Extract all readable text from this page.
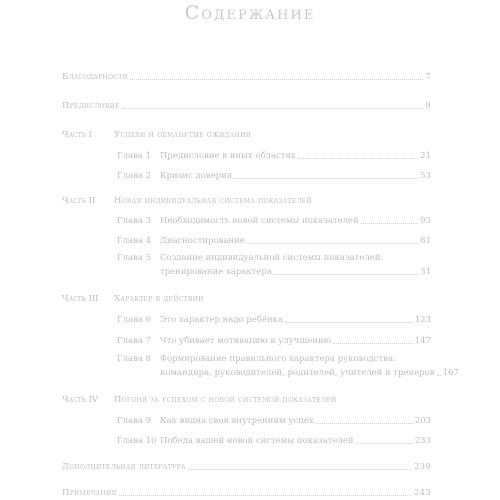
Содержание
Благодарности	7
Предисловие	9
Часть I	Успехи и обманутые ожидания
Глава 1 Предисловие в иных областях	21
Глава 2 Кризис доверия	53
Часть II Новая индивидуальная система показателей
Глава 3 Необходимость новой системы показателей	93
Глава 4 Диагностирование	81
Глава 5 Создание индивидуальной системы показателей:
тренирование характера	31
Часть III Характер в действии
Глава 6 Это характер надо ребёнка	123
Глава 7 Что убивает мотивацию к улучшению	147
Глава 8 Формирование правильного характера руководства:
командира, руководителей, родителей, учителей и тренеров 167
Часть IV Погоня за успехом с новой системой показателей
Глава 9 Как видна своя внутренним успех	203
Глава 10 Победа вашей новой системы показателей	233
Дополнительная литература	239
Примечания	243
